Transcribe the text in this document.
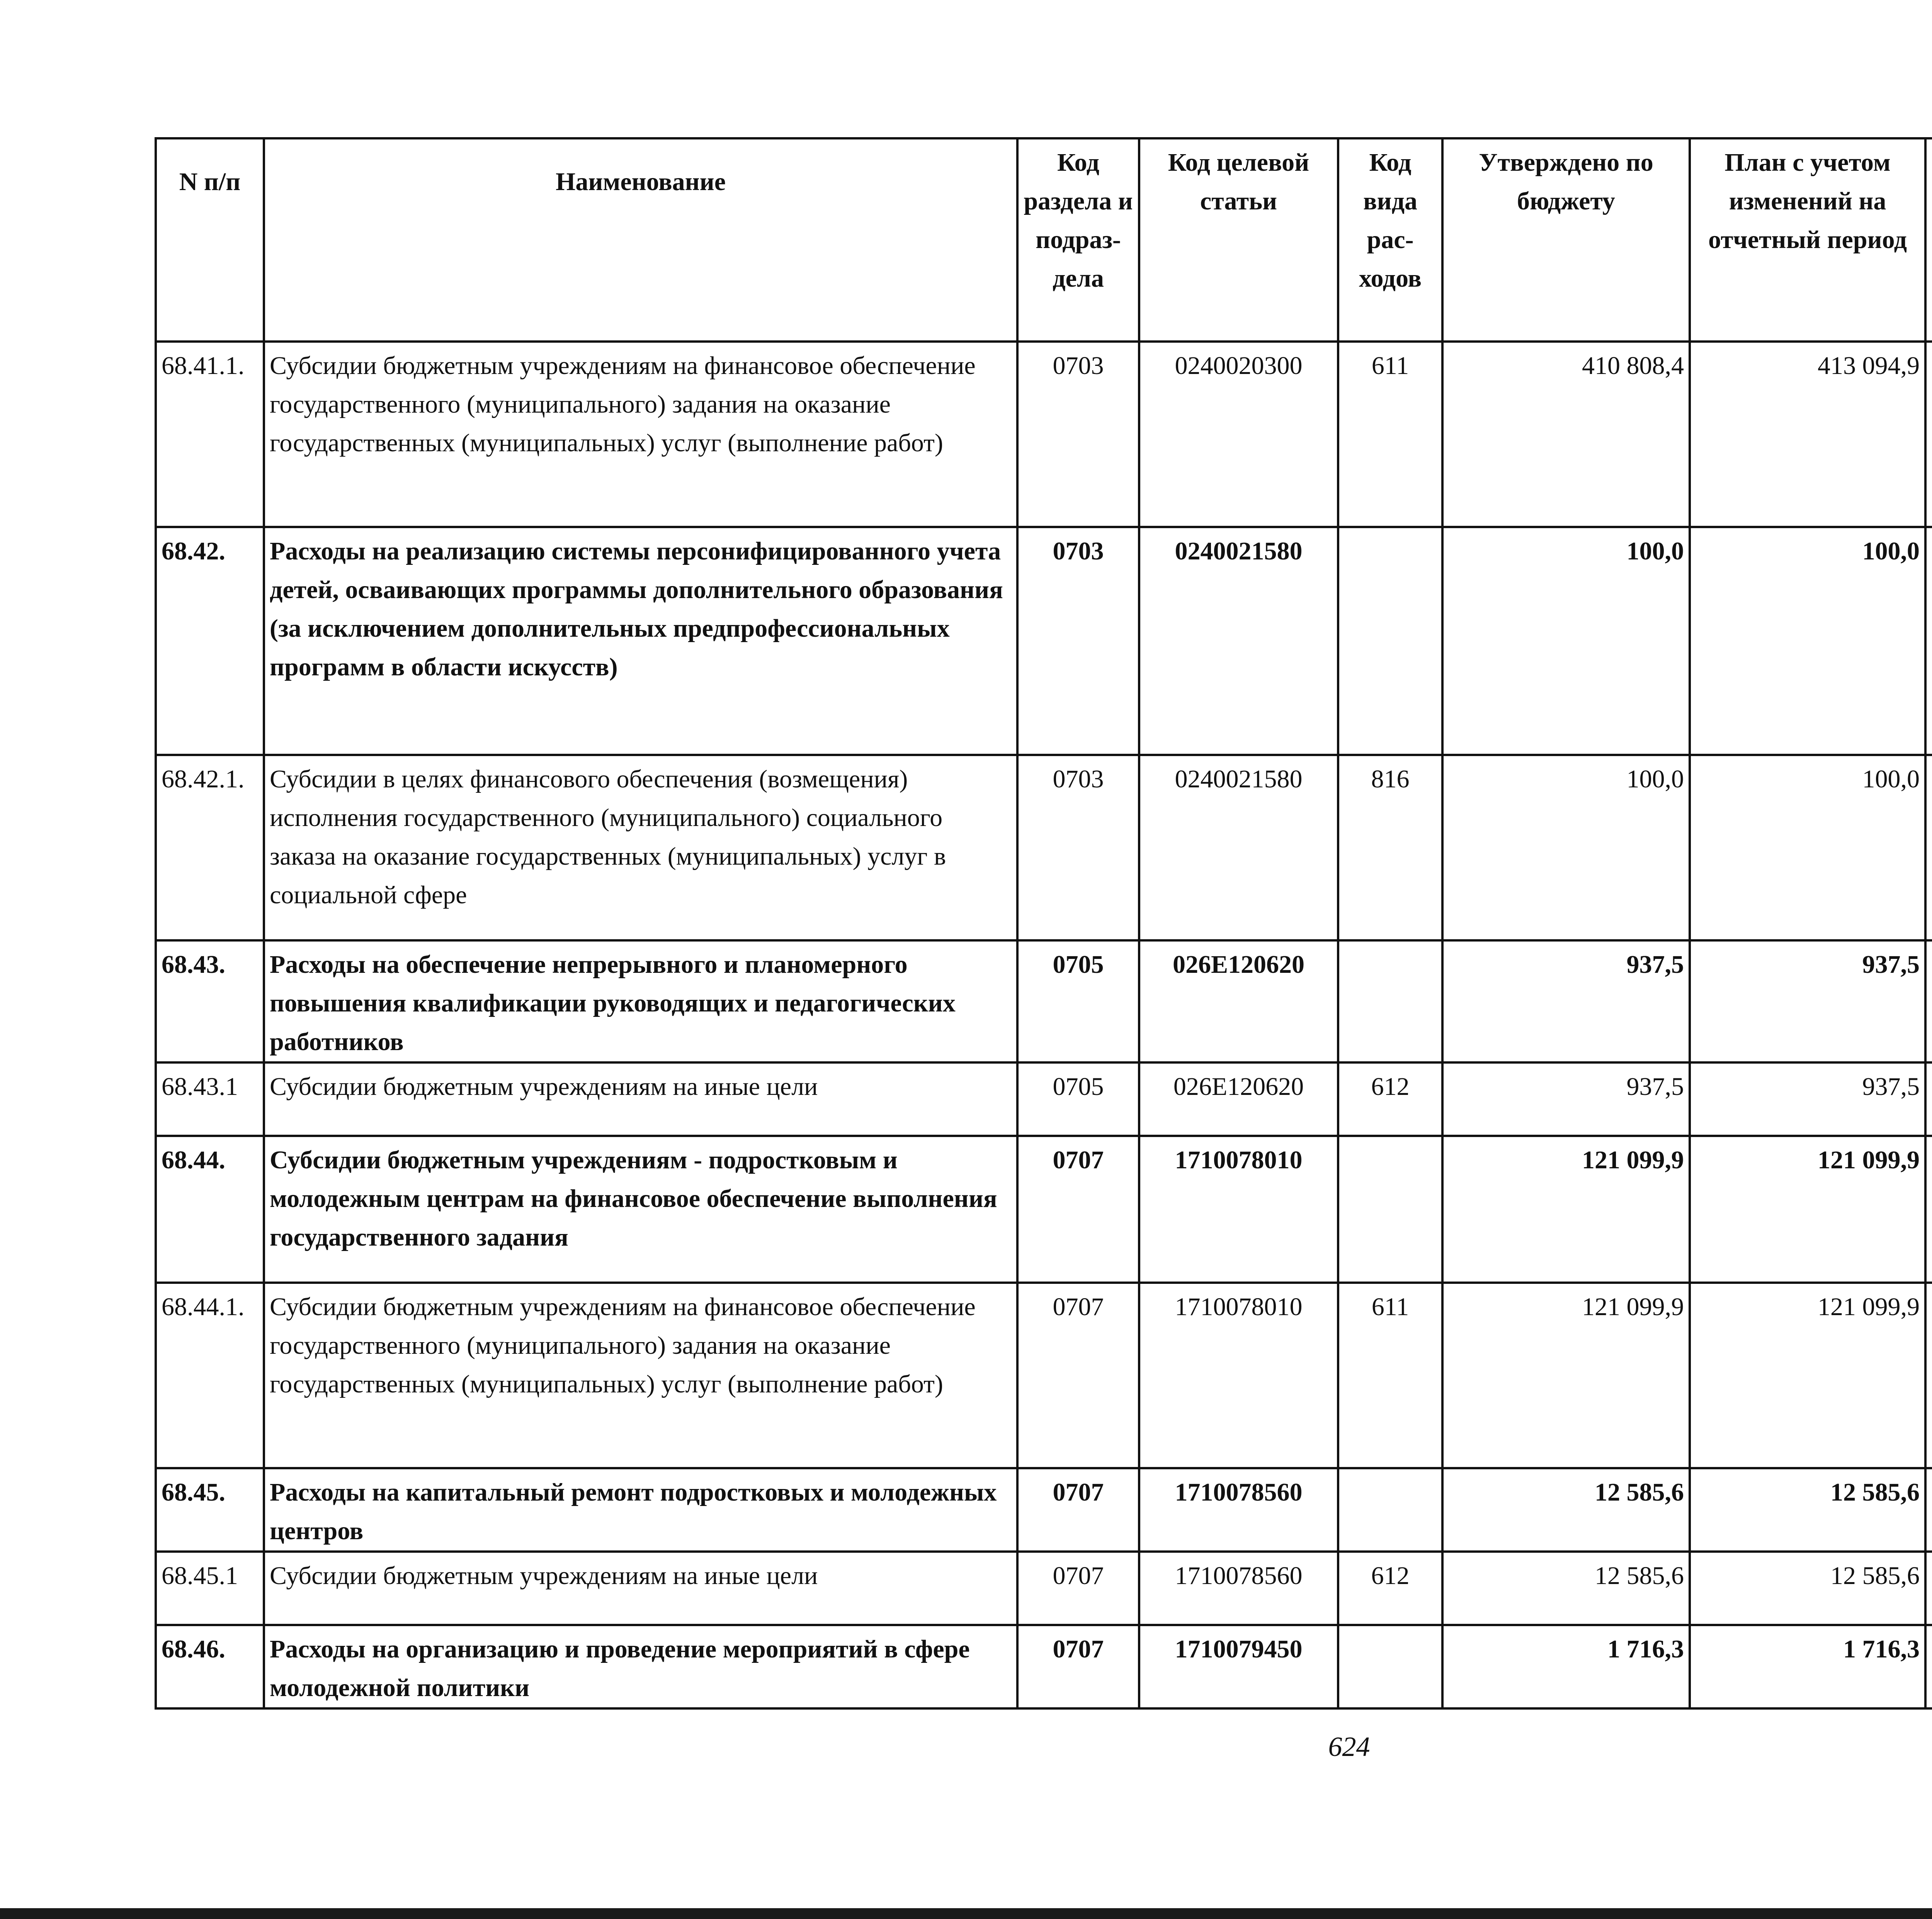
N п/п	Наименование	Код раздела и подраз-дела	Код целевой статьи	Код вида рас-ходов	Утверждено по бюджету	План с учетом изменений на отчетный период		

68.41.1.	Субсидии бюджетным учреждениям на финансовое обеспечение государственного (муниципального) задания на оказание государственных (муниципальных) услуг (выполнение работ)	0703	0240020300	611	410 808,4	413 094,9			
68.42.	Расходы на реализацию системы персонифицированного учета детей, осваивающих программы дополнительного образования (за исключением дополнительных предпрофессиональных программ в области искусств)	0703	0240021580		100,0	100,0			
68.42.1.	Субсидии в целях финансового обеспечения (возмещения) исполнения государственного (муниципального) социального заказа на оказание государственных (муниципальных) услуг в социальной сфере	0703	0240021580	816	100,0	100,0			
68.43.	Расходы на обеспечение непрерывного и планомерного повышения квалификации руководящих и педагогических работников	0705	026E120620		937,5	937,5			
68.43.1	Субсидии бюджетным учреждениям на иные цели	0705	026E120620	612	937,5	937,5			
68.44.	Субсидии бюджетным учреждениям - подростковым и молодежным центрам на финансовое обеспечение выполнения государственного задания	0707	1710078010		121 099,9	121 099,9			
68.44.1.	Субсидии бюджетным учреждениям на финансовое обеспечение государственного (муниципального) задания на оказание государственных (муниципальных) услуг (выполнение работ)	0707	1710078010	611	121 099,9	121 099,9			
68.45.	Расходы на капитальный ремонт подростковых и молодежных центров	0707	1710078560		12 585,6	12 585,6			
68.45.1	Субсидии бюджетным учреждениям на иные цели	0707	1710078560	612	12 585,6	12 585,6			
68.46.	Расходы на организацию и проведение мероприятий в сфере молодежной политики	0707	1710079450		1 716,3	1 716,3			
624
